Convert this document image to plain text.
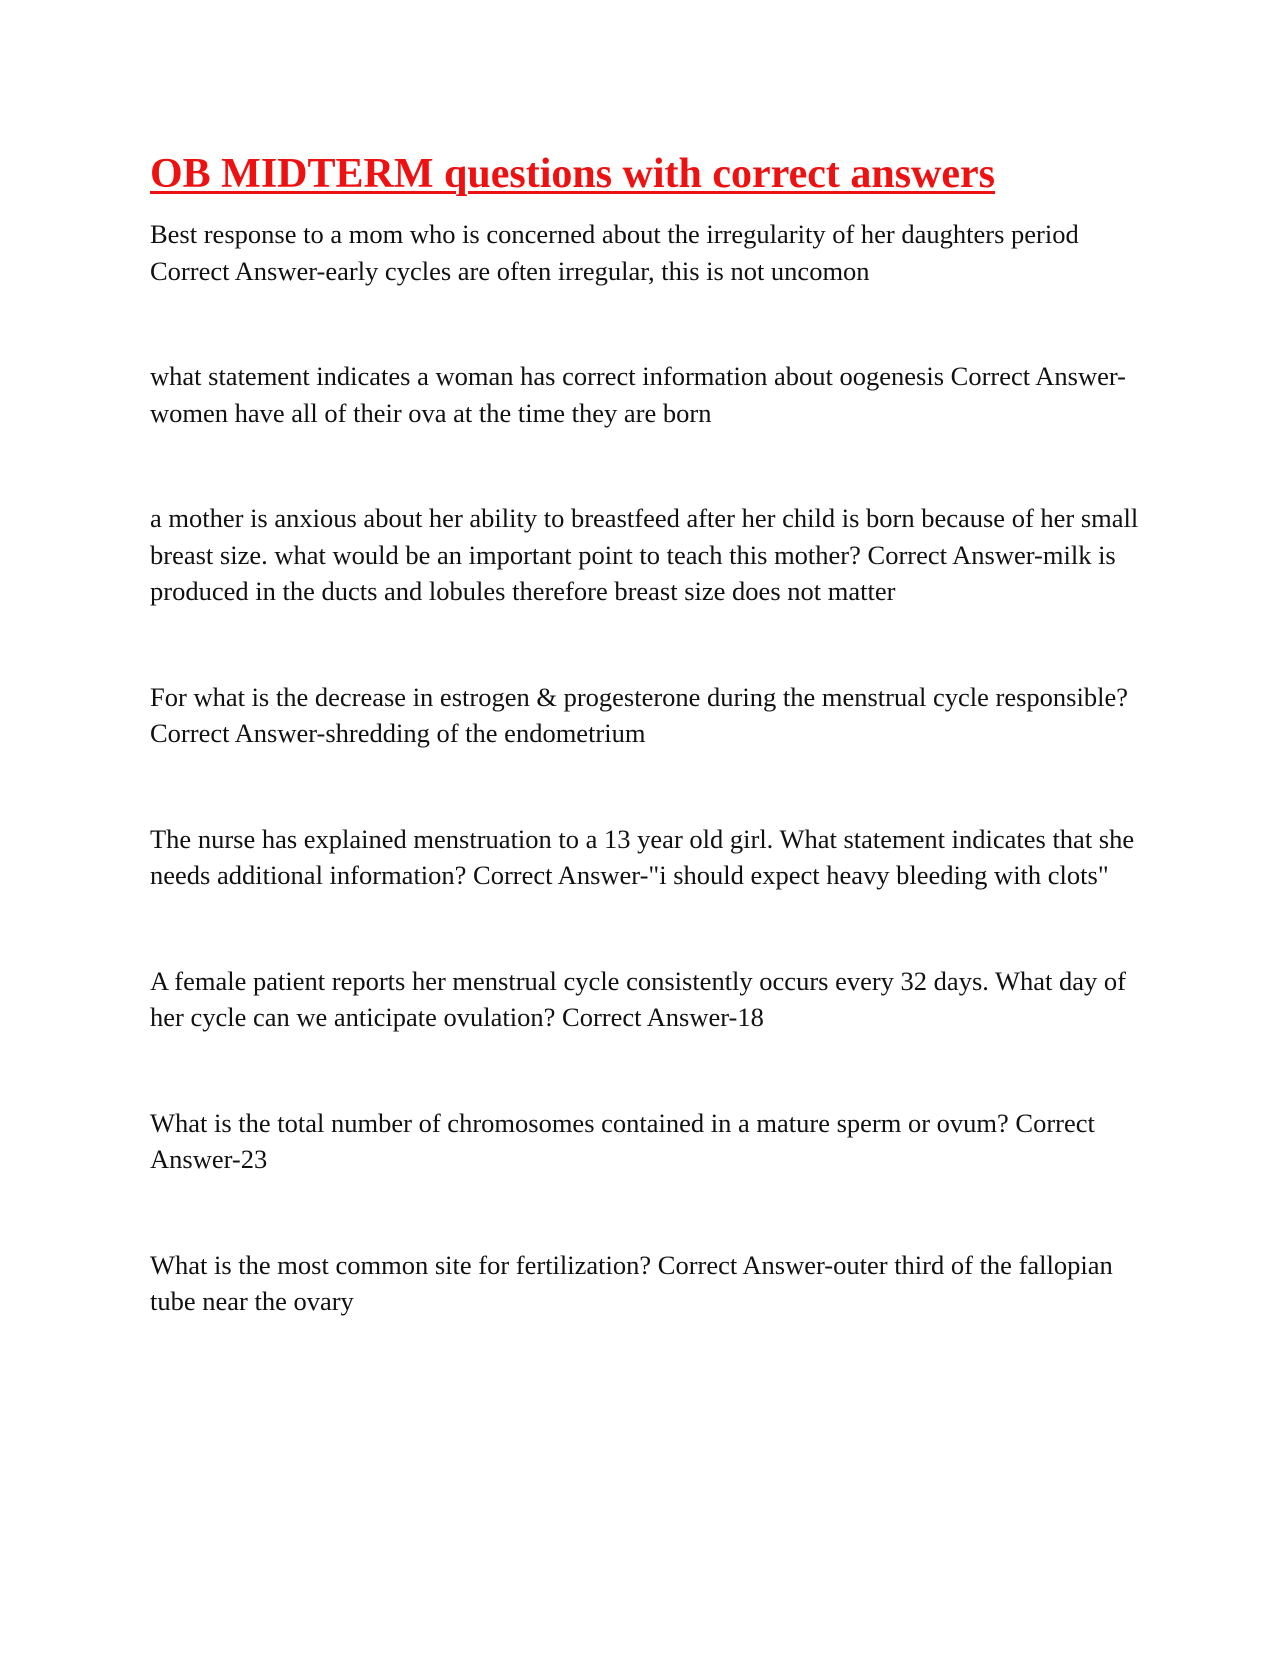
OB MIDTERM questions with correct answers
Best response to a mom who is concerned about the irregularity of her daughters period Correct Answer-early cycles are often irregular, this is not uncomon
what statement indicates a woman has correct information about oogenesis Correct Answer-women have all of their ova at the time they are born
a mother is anxious about her ability to breastfeed after her child is born because of her small breast size. what would be an important point to teach this mother? Correct Answer-milk is produced in the ducts and lobules therefore breast size does not matter
For what is the decrease in estrogen & progesterone during the menstrual cycle responsible? Correct Answer-shredding of the endometrium
The nurse has explained menstruation to a 13 year old girl. What statement indicates that she needs additional information? Correct Answer-"i should expect heavy bleeding with clots"
A female patient reports her menstrual cycle consistently occurs every 32 days. What day of her cycle can we anticipate ovulation? Correct Answer-18
What is the total number of chromosomes contained in a mature sperm or ovum? Correct Answer-23
What is the most common site for fertilization? Correct Answer-outer third of the fallopian tube near the ovary
